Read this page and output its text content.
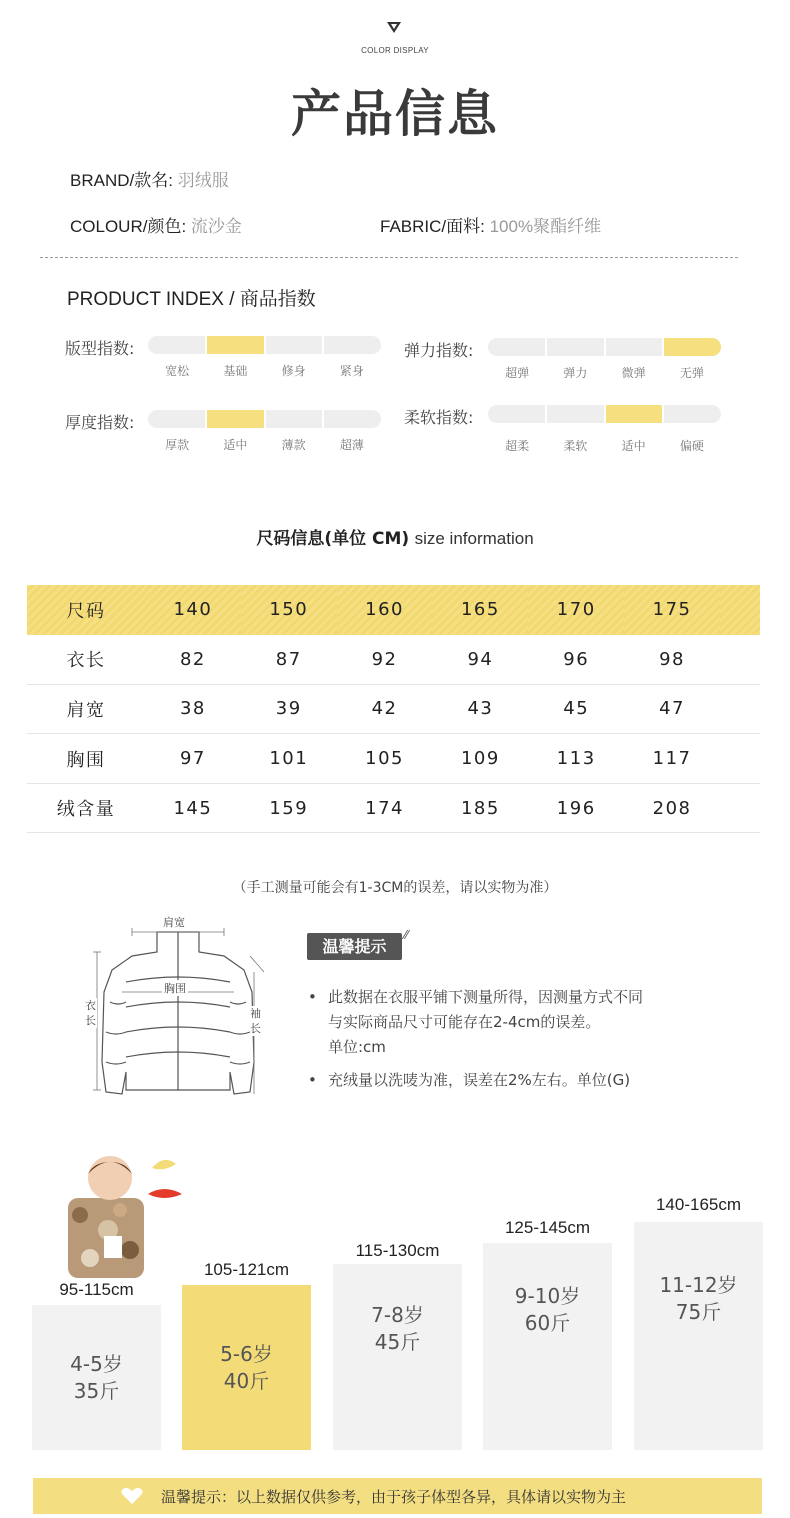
COLOR DISPLAY
产品信息
BRAND/款名: 羽绒服
COLOUR/颜色: 流沙金	FABRIC/面料: 100%聚酯纤维
PRODUCT INDEX / 商品指数
版型指数:
宽松	基础	修身	紧身
弹力指数:
超弹	弹力	微弹	无弹
厚度指数:
厚款	适中	薄款	超薄
柔软指数:
超柔	柔软	适中	偏硬
尺码信息(单位 CM) size information
尺码	140	150	160	165	170	175	
衣长	82	87	92	94	96	98	
肩宽	38	39	42	43	45	47	
胸围	97	101	105	109	113	117	
绒含量	145	159	174	185	196	208	
（手工测量可能会有1-3CM的误差，请以实物为准）
肩宽
胸围
衣长
袖长
温馨提示
⁄⁄
• 此数据在衣服平铺下测量所得，因测量方式不同
与实际商品尺寸可能存在2-4cm的误差。
单位:cm
• 充绒量以洗唛为准，误差在2%左右。单位(G)
95-115cm
4-5岁
35斤
105-121cm
5-6岁
40斤
115-130cm
7-8岁
45斤
125-145cm
9-10岁
60斤
140-165cm
11-12岁
75斤
温馨提示：以上数据仅供参考，由于孩子体型各异，具体请以实物为主
